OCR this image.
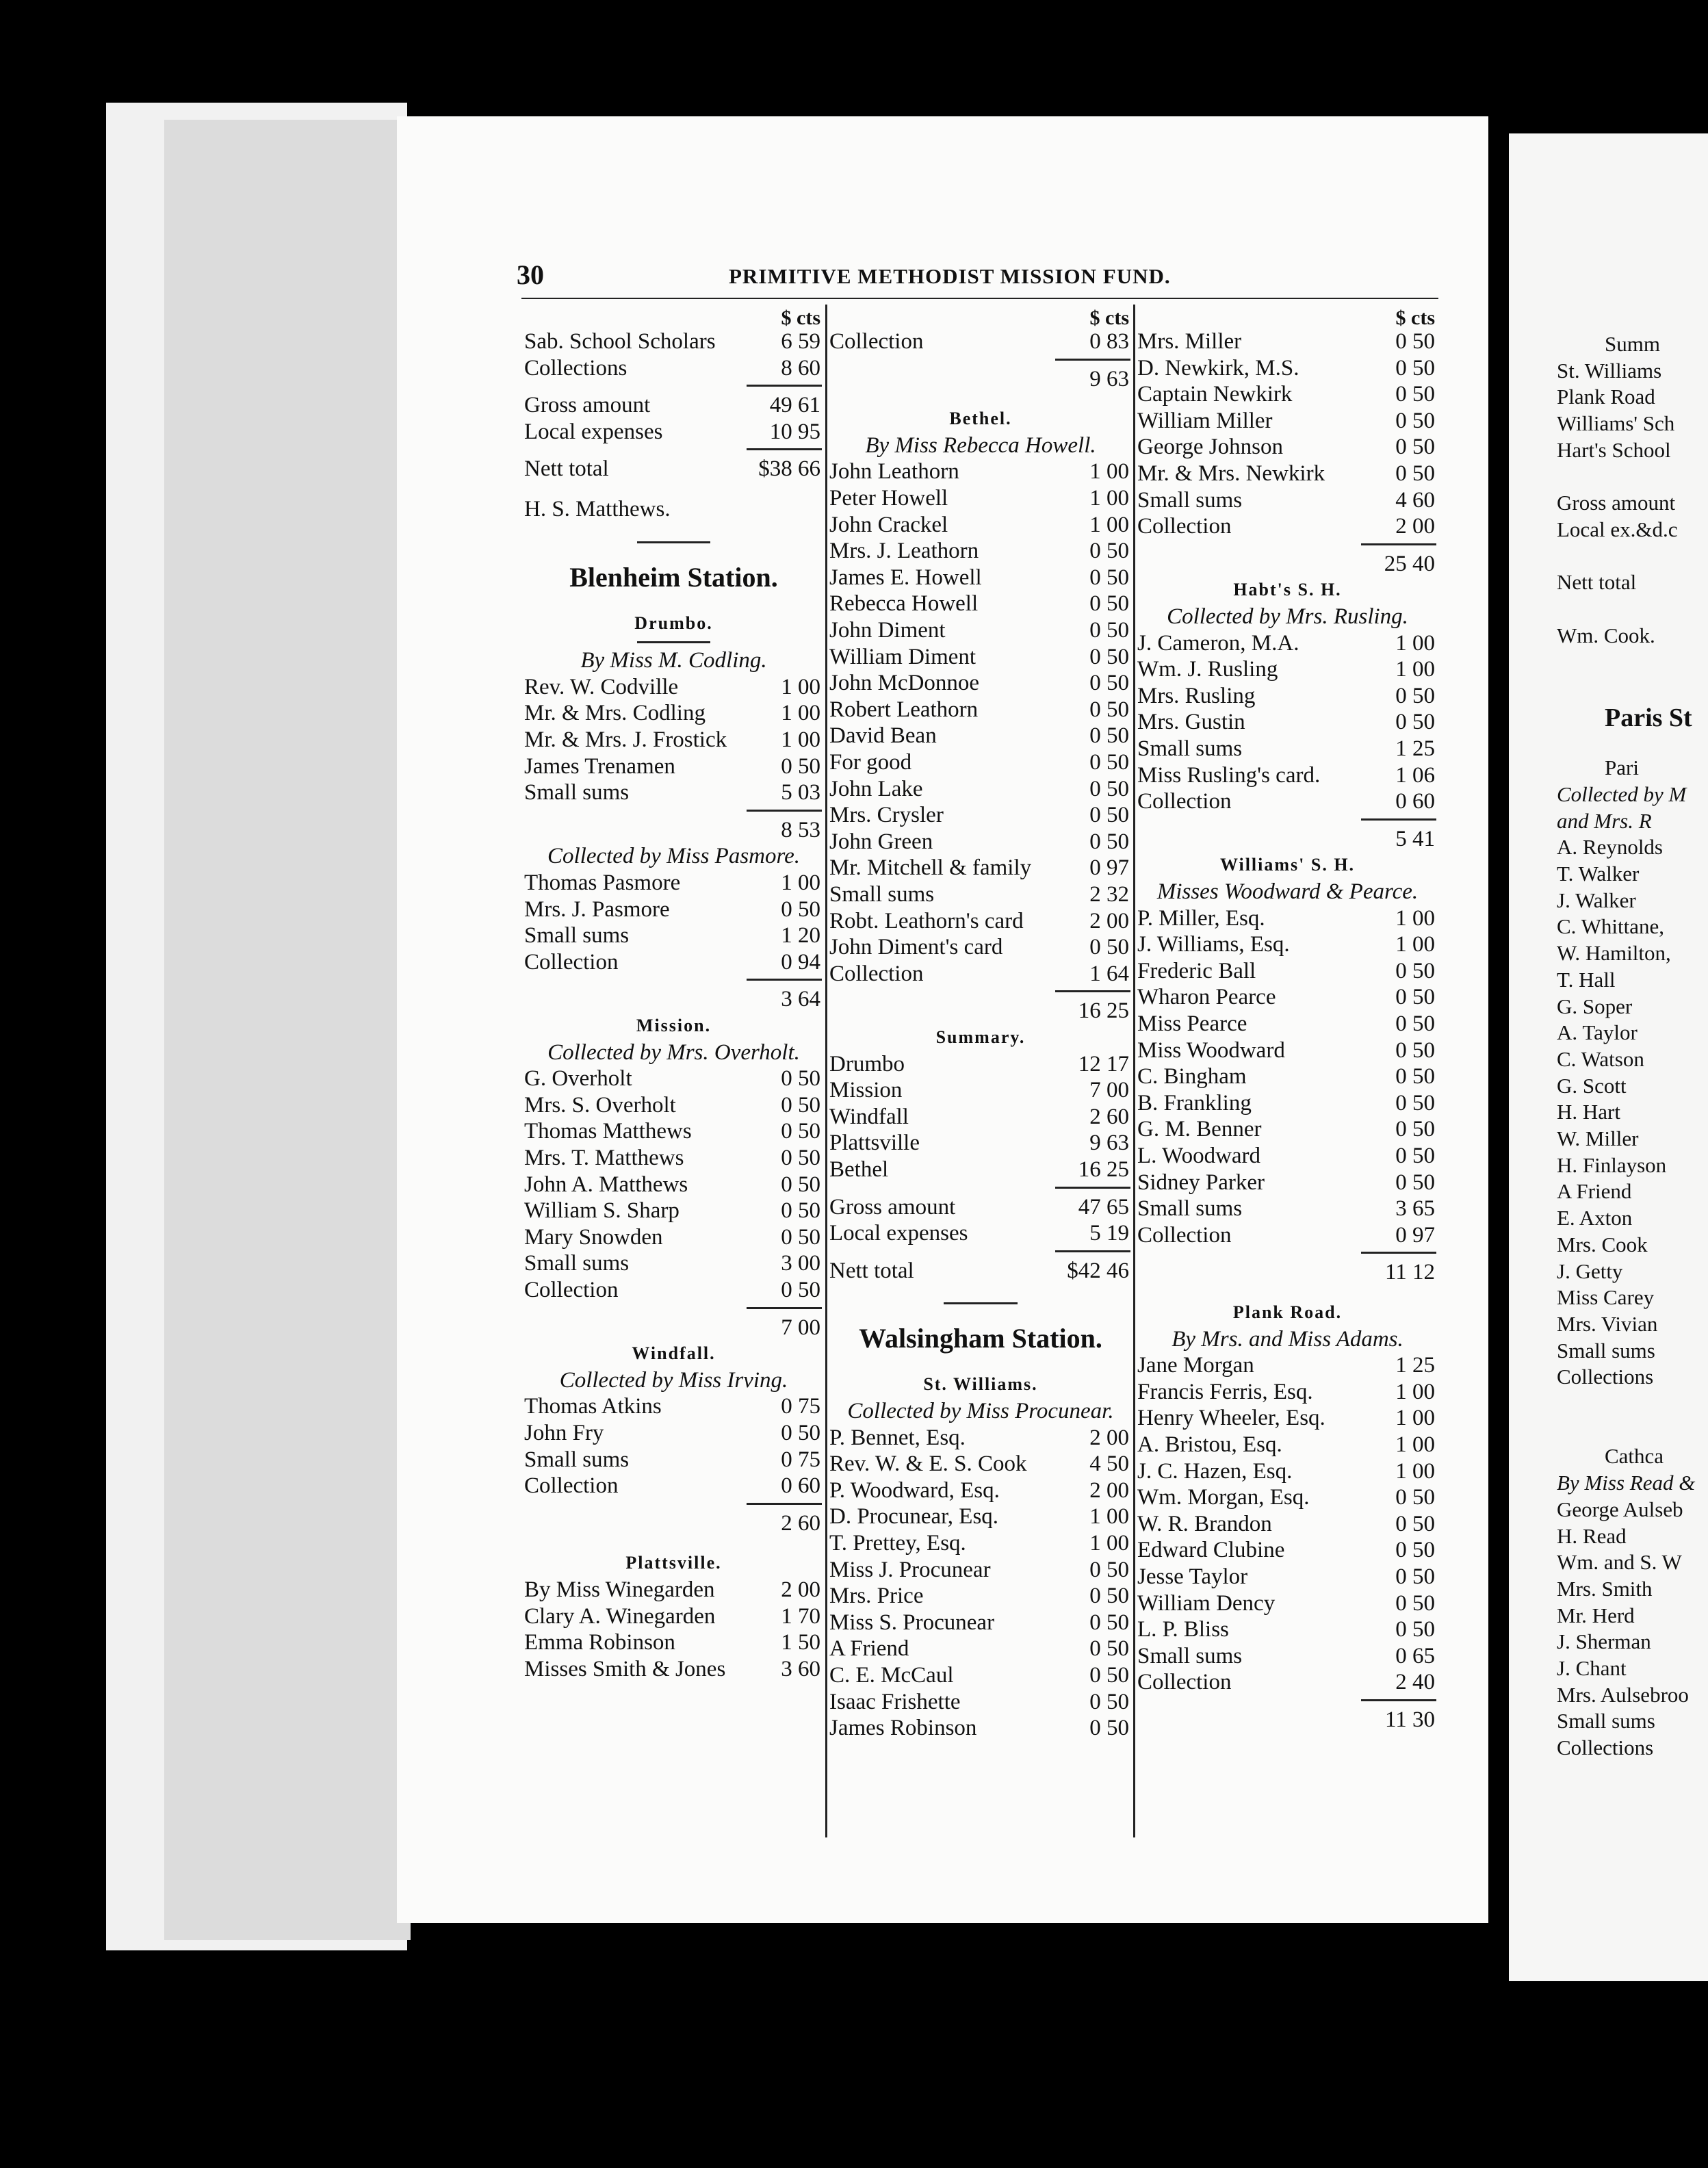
Summ
St. Williams
Plank Road
Williams' Sch
Hart's School
Gross amount
Local ex.&d.c
Nett total
Wm. Cook.
Paris St
Pari
Collected by M
and Mrs. R
A. Reynolds
T. Walker
J. Walker
C. Whittane,
W. Hamilton,
T. Hall
G. Soper
A. Taylor
C. Watson
G. Scott
H. Hart
W. Miller
H. Finlayson
A Friend
E. Axton
Mrs. Cook
J. Getty
Miss Carey
Mrs. Vivian
Small sums
Collections
Cathca
By Miss Read &
George Aulseb
H. Read
Wm. and S. W
Mrs. Smith
Mr. Herd
J. Sherman
J. Chant
Mrs. Aulsebroo
Small sums
Collections
30	PRIMITIVE METHODIST MISSION FUND.
$ cts
Sab. School Scholars	6 59
Collections	8 60
Gross amount	49 61
Local expenses	10 95
Nett total	$38 66
H. S. Matthews.
Blenheim Station.
Drumbo.
By Miss M. Codling.
Rev. W. Codville	1 00
Mr. & Mrs. Codling	1 00
Mr. & Mrs. J. Frostick 1 00
James Trenamen	0 50
Small sums	5 03
8 53
Collected by Miss Pasmore.
Thomas Pasmore	1 00
Mrs. J. Pasmore	0 50
Small sums	1 20
Collection	0 94
3 64
Mission.
Collected by Mrs. Overholt.
G. Overholt	0 50
Mrs. S. Overholt	0 50
Thomas Matthews	0 50
Mrs. T. Matthews	0 50
John A. Matthews	0 50
William S. Sharp	0 50
Mary Snowden	0 50
Small sums	3 00
Collection	0 50
7 00
Windfall.
Collected by Miss Irving.
Thomas Atkins	0 75
John Fry	0 50
Small sums	0 75
Collection	0 60
2 60
Plattsville.
By Miss Winegarden	2 00
Clary A. Winegarden	1 70
Emma Robinson	1 50
Misses Smith & Jones 3 60
$ cts
Collection	0 83
9 63
Bethel.
By Miss Rebecca Howell.
John Leathorn	1 00
Peter Howell	1 00
John Crackel	1 00
Mrs. J. Leathorn	0 50
James E. Howell	0 50
Rebecca Howell	0 50
John Diment	0 50
William Diment	0 50
John McDonnoe	0 50
Robert Leathorn	0 50
David Bean	0 50
For good	0 50
John Lake	0 50
Mrs. Crysler	0 50
John Green	0 50
Mr. Mitchell & family	0 97
Small sums	2 32
Robt. Leathorn's card	2 00
John Diment's card	0 50
Collection	1 64
16 25
Summary.
Drumbo	12 17
Mission	7 00
Windfall	2 60
Plattsville	9 63
Bethel	16 25
Gross amount	47 65
Local expenses	5 19
Nett total	$42 46
Walsingham Station.
St. Williams.
Collected by Miss Procunear.
P. Bennet, Esq.	2 00
Rev. W. & E. S. Cook	4 50
P. Woodward, Esq.	2 00
D. Procunear, Esq.	1 00
T. Prettey, Esq.	1 00
Miss J. Procunear	0 50
Mrs. Price	0 50
Miss S. Procunear	0 50
A Friend	0 50
C. E. McCaul	0 50
Isaac Frishette	0 50
James Robinson	0 50
$ cts
Mrs. Miller	0 50
D. Newkirk, M.S.	0 50
Captain Newkirk	0 50
William Miller	0 50
George Johnson	0 50
Mr. & Mrs. Newkirk	0 50
Small sums	4 60
Collection	2 00
25 40
Habt's S. H.
Collected by Mrs. Rusling.
J. Cameron, M.A.	1 00
Wm. J. Rusling	1 00
Mrs. Rusling	0 50
Mrs. Gustin	0 50
Small sums	1 25
Miss Rusling's card.	1 06
Collection	0 60
5 41
Williams' S. H.
Misses Woodward & Pearce.
P. Miller, Esq.	1 00
J. Williams, Esq.	1 00
Frederic Ball	0 50
Wharon Pearce	0 50
Miss Pearce	0 50
Miss Woodward	0 50
C. Bingham	0 50
B. Frankling	0 50
G. M. Benner	0 50
L. Woodward	0 50
Sidney Parker	0 50
Small sums	3 65
Collection	0 97
11 12
Plank Road.
By Mrs. and Miss Adams.
Jane Morgan	1 25
Francis Ferris, Esq.	1 00
Henry Wheeler, Esq.	1 00
A. Bristou, Esq.	1 00
J. C. Hazen, Esq.	1 00
Wm. Morgan, Esq.	0 50
W. R. Brandon	0 50
Edward Clubine	0 50
Jesse Taylor	0 50
William Dency	0 50
L. P. Bliss	0 50
Small sums	0 65
Collection	2 40
11 30
